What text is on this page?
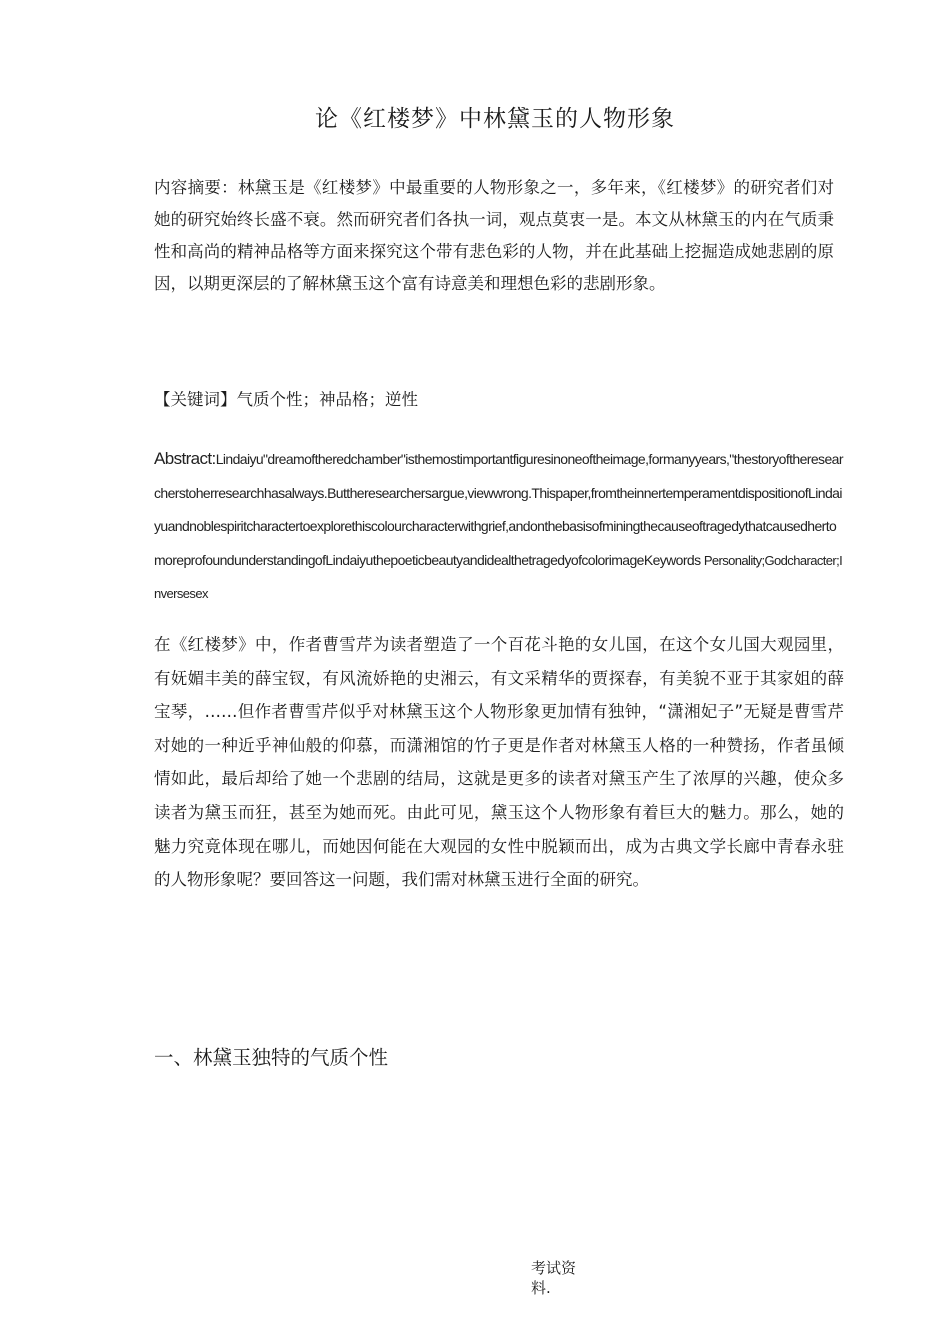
论《红楼梦》中林黛玉的人物形象

内容摘要：林黛玉是《红楼梦》中最重要的人物形象之一，多年来，《红楼梦》的研究者们对她的研究始终长盛不衰。然而研究者们各执一词，观点莫衷一是。本文从林黛玉的内在气质秉性和高尚的精神品格等方面来探究这个带有悲色彩的人物，并在此基础上挖掘造成她悲剧的原因，以期更深层的了解林黛玉这个富有诗意美和理想色彩的悲剧形象。

【关键词】气质个性；神品格；逆性

Abstract:Lindaiyu"dreamoftheredchamber"isthemostimportantfiguresinoneoftheimage,formanyyears,"thestoryoftheresearcherstoherresearchhasalways.Buttheresearchersargue,viewwrong.Thispaper,fromtheinnertemperamentdispositionofLindaiyuandnoblespiritcharactertoexplorethiscolourcharacterwithgrief,andonthebasisofminingthecauseoftragedythatcausedhertomoreprofoundunderstandingofLindaiyuthepoeticbeautyandidealthetragedyofcolorimageKeywords Personality;Godcharacter;Inversesex

在《红楼梦》中，作者曹雪芹为读者塑造了一个百花斗艳的女儿国，在这个女儿国大观园里，有妩媚丰美的薛宝钗，有风流娇艳的史湘云，有文采精华的贾探春，有美貌不亚于其家姐的薛宝琴，……但作者曹雪芹似乎对林黛玉这个人物形象更加情有独钟，“潇湘妃子”无疑是曹雪芹对她的一种近乎神仙般的仰慕，而潇湘馆的竹子更是作者对林黛玉人格的一种赞扬，作者虽倾情如此，最后却给了她一个悲剧的结局，这就是更多的读者对黛玉产生了浓厚的兴趣，使众多读者为黛玉而狂，甚至为她而死。由此可见，黛玉这个人物形象有着巨大的魅力。那么，她的魅力究竟体现在哪儿，而她因何能在大观园的女性中脱颖而出，成为古典文学长廊中青春永驻的人物形象呢？要回答这一问题，我们需对林黛玉进行全面的研究。

一、林黛玉独特的气质个性

考试资料.
